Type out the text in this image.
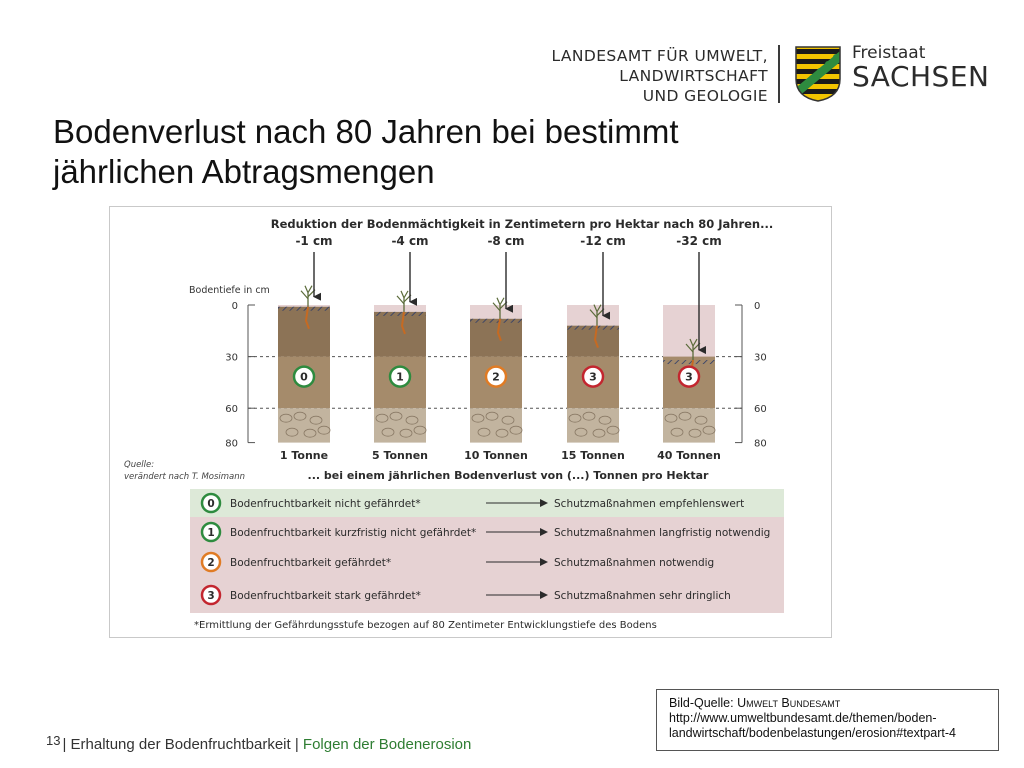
LANDESAMT FÜR UMWELT,
LANDWIRTSCHAFT
UND GEOLOGIE
Freistaat
SACHSEN
Bodenverlust nach 80 Jahren bei bestimmt jährlichen Abtragsmengen
Reduktion der Bodenmächtigkeit in Zentimetern pro Hektar nach 80 Jahren...
Bodentiefe in cm
0	0
30	30
60	60
80	80
-1 cm
0
1 Tonne
-4 cm
1
5 Tonnen
-8 cm
2
10 Tonnen
-12 cm
3
15 Tonnen
-32 cm
3
40 Tonnen
Quelle:
verändert nach T. Mosimann	... bei einem jährlichen Bodenverlust von (...) Tonnen pro Hektar
0 Bodenfruchtbarkeit nicht gefährdet*	Schutzmaßnahmen empfehlenswert
1 Bodenfruchtbarkeit kurzfristig nicht gefährdet*	Schutzmaßnahmen langfristig notwendig
2 Bodenfruchtbarkeit gefährdet*	Schutzmaßnahmen notwendig
3 Bodenfruchtbarkeit stark gefährdet*	Schutzmaßnahmen sehr dringlich
*Ermittlung der Gefährdungsstufe bezogen auf 80 Zentimeter Entwicklungstiefe des Bodens
Bild-Quelle: Umwelt Bundesamt
http://www.umweltbundesamt.de/themen/boden-
landwirtschaft/bodenbelastungen/erosion#textpart-4
13 | Erhaltung der Bodenfruchtbarkeit | Folgen der Bodenerosion
